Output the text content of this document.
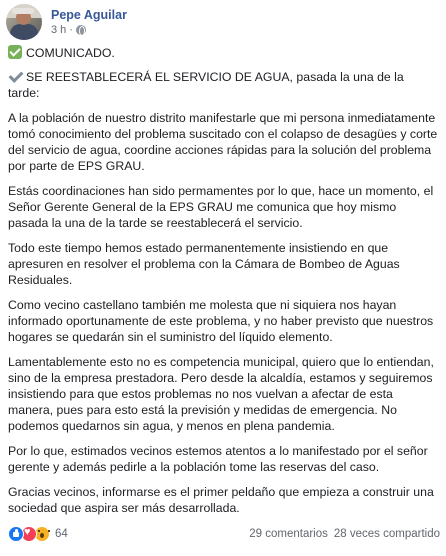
Pepe Aguilar
3 h ·

COMUNICADO.

SE REESTABLECERÁ EL SERVICIO DE AGUA, pasada la una de la tarde:

A la población de nuestro distrito manifestarle que mi persona inmediatamente tomó conocimiento del problema suscitado con el colapso de desagües y corte del servicio de agua, coordine acciones rápidas para la solución del problema por parte de EPS GRAU.

Estás coordinaciones han sido permamentes por lo que, hace un momento, el Señor Gerente General de la EPS GRAU me comunica que hoy mismo pasada la una de la tarde se reestablecerá el servicio.

Todo este tiempo hemos estado permanentemente insistiendo en que apresuren en resolver el problema con la Cámara de Bombeo de Aguas Residuales.

Como vecino castellano también me molesta que ni siquiera nos hayan informado oportunamente de este problema, y no haber previsto que nuestros hogares se quedarán sin el suministro del líquido elemento.

Lamentablemente esto no es competencia municipal, quiero que lo entiendan, sino de la empresa prestadora. Pero desde la alcaldía, estamos y seguiremos insistiendo para que estos problemas no nos vuelvan a afectar de esta manera, pues para esto está la previsión y medidas de emergencia. No podemos quedarnos sin agua, y menos en plena pandemia.

Por lo que, estimados vecinos estemos atentos a lo manifestado por el señor gerente y además pedirle a la población tome las reservas del caso.

Gracias vecinos, informarse es el primer peldaño que empieza a construir una sociedad que aspira ser más desarrollada.

♥
64	29 comentarios 28 veces compartido
